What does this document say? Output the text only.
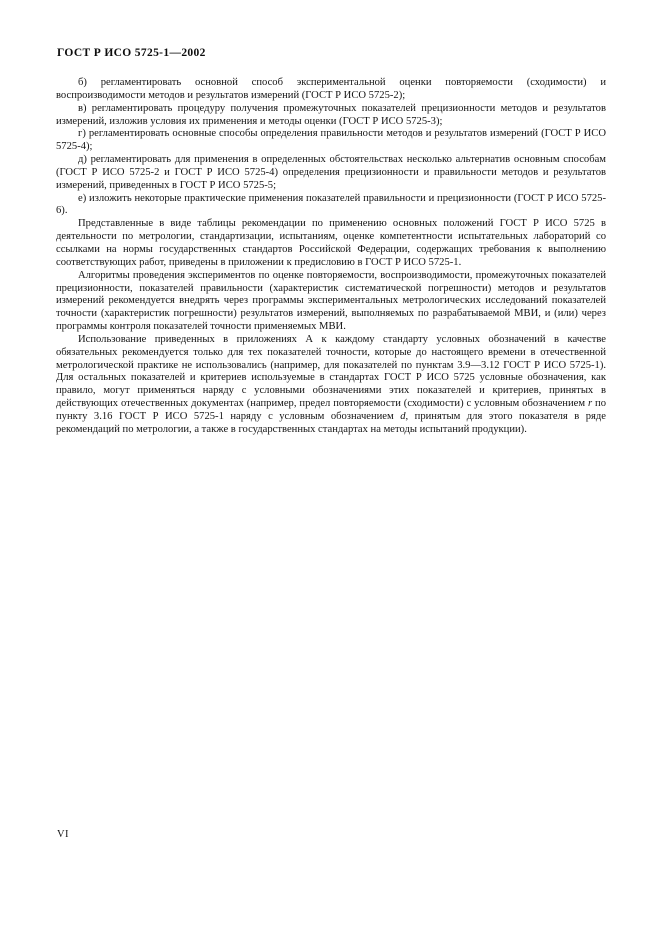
ГОСТ Р ИСО 5725-1—2002

б) регламентировать основной способ экспериментальной оценки повторяемости (сходимости) и воспроизводимости методов и результатов измерений (ГОСТ Р ИСО 5725-2);

в) регламентировать процедуру получения промежуточных показателей прецизионности методов и результатов измерений, изложив условия их применения и методы оценки (ГОСТ Р ИСО 5725-3);

г) регламентировать основные способы определения правильности методов и результатов измерений (ГОСТ Р ИСО 5725-4);

д) регламентировать для применения в определенных обстоятельствах несколько альтернатив основным способам (ГОСТ Р ИСО 5725-2 и ГОСТ Р ИСО 5725-4) определения прецизионности и правильности методов и результатов измерений, приведенных в ГОСТ Р ИСО 5725-5;

е) изложить некоторые практические применения показателей правильности и прецизионности (ГОСТ Р ИСО 5725-6).

Представленные в виде таблицы рекомендации по применению основных положений ГОСТ Р ИСО 5725 в деятельности по метрологии, стандартизации, испытаниям, оценке компетентности испытательных лабораторий со ссылками на нормы государственных стандартов Российской Федерации, содержащих требования к выполнению соответствующих работ, приведены в приложении к предисловию в ГОСТ Р ИСО 5725-1.

Алгоритмы проведения экспериментов по оценке повторяемости, воспроизводимости, промежуточных показателей прецизионности, показателей правильности (характеристик систематической погрешности) методов и результатов измерений рекомендуется внедрять через программы экспериментальных метрологических исследований показателей точности (характеристик погрешности) результатов измерений, выполняемых по разрабатываемой МВИ, и (или) через программы контроля показателей точности применяемых МВИ.

Использование приведенных в приложениях А к каждому стандарту условных обозначений в качестве обязательных рекомендуется только для тех показателей точности, которые до настоящего времени в отечественной метрологической практике не использовались (например, для показателей по пунктам 3.9—3.12 ГОСТ Р ИСО 5725-1). Для остальных показателей и критериев используемые в стандартах ГОСТ Р ИСО 5725 условные обозначения, как правило, могут применяться наряду с условными обозначениями этих показателей и критериев, принятых в действующих отечественных документах (например, предел повторяемости (сходимости) с условным обозначением r по пункту 3.16 ГОСТ Р ИСО 5725-1 наряду с условным обозначением d, принятым для этого показателя в ряде рекомендаций по метрологии, а также в государственных стандартах на методы испытаний продукции).

VI
